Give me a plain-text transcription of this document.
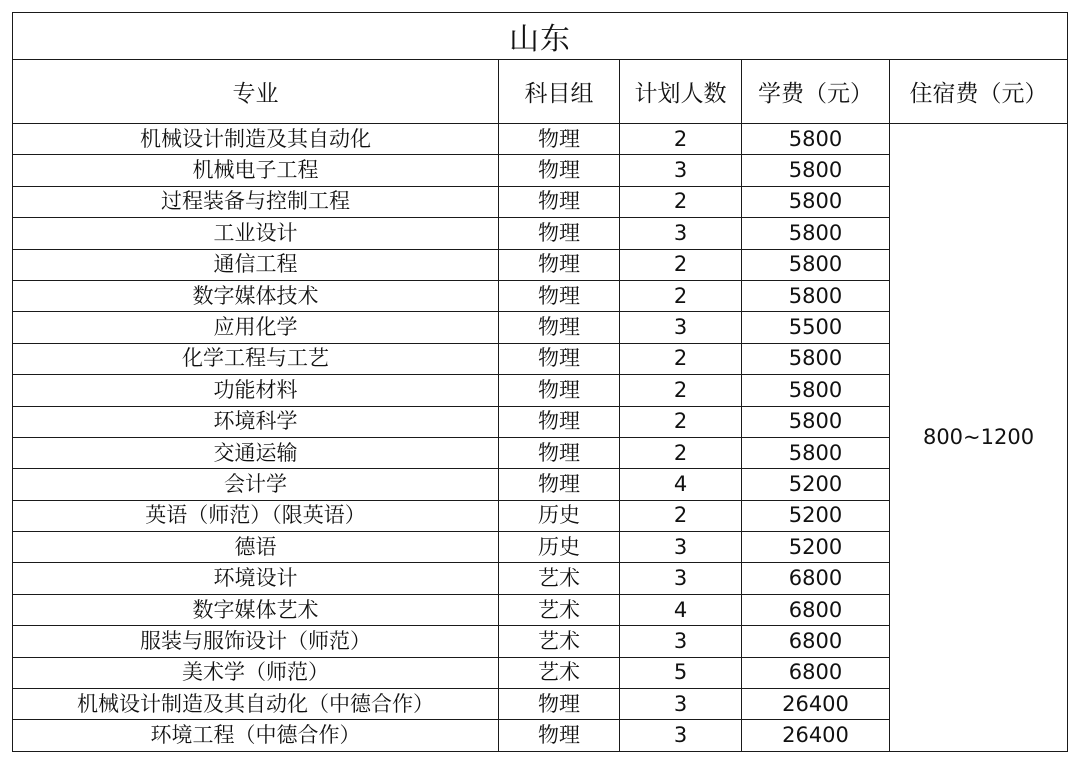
山东				
专业	科目组	计划人数	学费（元）	住宿费（元）
机械设计制造及其自动化	物理	2	5800	800~1200
机械电子工程	物理	3	5800	
过程装备与控制工程	物理	2	5800	
工业设计	物理	3	5800	
通信工程	物理	2	5800	
数字媒体技术	物理	2	5800	
应用化学	物理	3	5500	
化学工程与工艺	物理	2	5800	
功能材料	物理	2	5800	
环境科学	物理	2	5800	
交通运输	物理	2	5800	
会计学	物理	4	5200	
英语（师范）（限英语）	历史	2	5200	
德语	历史	3	5200	
环境设计	艺术	3	6800	
数字媒体艺术	艺术	4	6800	
服装与服饰设计（师范）	艺术	3	6800	
美术学（师范）	艺术	5	6800	
机械设计制造及其自动化（中德合作）	物理	3	26400	
环境工程（中德合作）	物理	3	26400	
